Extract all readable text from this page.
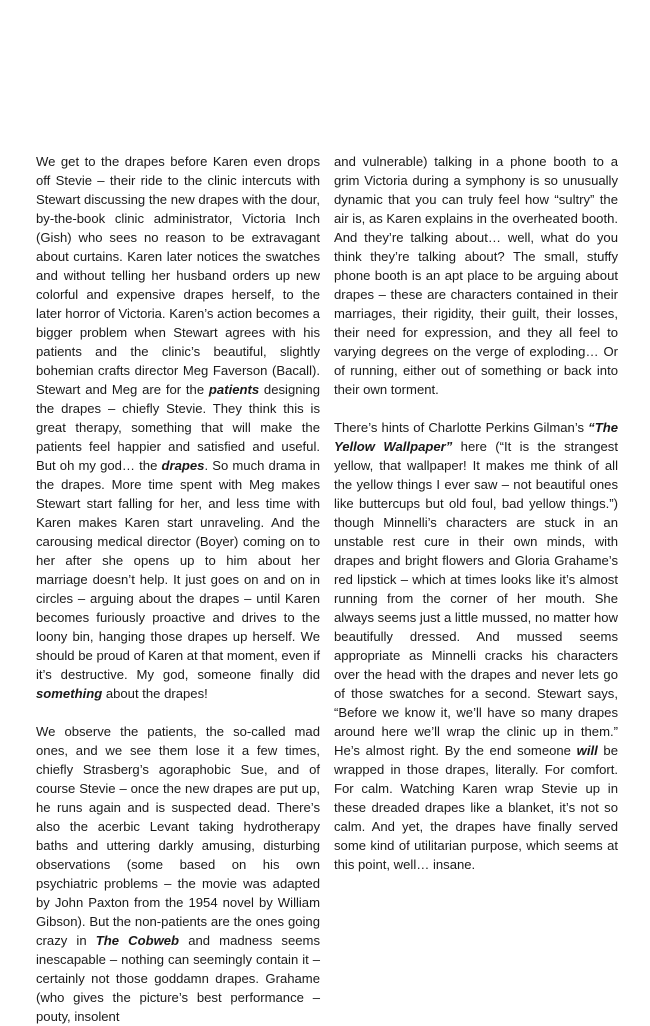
We get to the drapes before Karen even drops off Stevie – their ride to the clinic intercuts with Stewart discussing the new drapes with the dour, by-the-book clinic administrator, Victoria Inch (Gish) who sees no reason to be extravagant about curtains. Karen later notices the swatches and without telling her husband orders up new colorful and expensive drapes herself, to the later horror of Victoria. Karen’s action becomes a bigger problem when Stewart agrees with his patients and the clinic’s beautiful, slightly bohemian crafts director Meg Faverson (Bacall). Stewart and Meg are for the patients designing the drapes – chiefly Stevie. They think this is great therapy, something that will make the patients feel happier and satisfied and useful. But oh my god… the drapes. So much drama in the drapes. More time spent with Meg makes Stewart start falling for her, and less time with Karen makes Karen start unraveling. And the carousing medical director (Boyer) coming on to her after she opens up to him about her marriage doesn’t help. It just goes on and on in circles – arguing about the drapes – until Karen becomes furiously proactive and drives to the loony bin, hanging those drapes up herself. We should be proud of Karen at that moment, even if it’s destructive. My god, someone finally did something about the drapes!

We observe the patients, the so-called mad ones, and we see them lose it a few times, chiefly Strasberg’s agoraphobic Sue, and of course Stevie – once the new drapes are put up, he runs again and is suspected dead. There’s also the acerbic Levant taking hydrotherapy baths and uttering darkly amusing, disturbing observations (some based on his own psychiatric problems – the movie was adapted by John Paxton from the 1954 novel by William Gibson). But the non-patients are the ones going crazy in The Cobweb and madness seems inescapable – nothing can seemingly contain it – certainly not those goddamn drapes. Grahame (who gives the picture’s best performance – pouty, insolent

and vulnerable) talking in a phone booth to a grim Victoria during a symphony is so unusually dynamic that you can truly feel how “sultry” the air is, as Karen explains in the overheated booth. And they’re talking about… well, what do you think they’re talking about? The small, stuffy phone booth is an apt place to be arguing about drapes – these are characters contained in their marriages, their rigidity, their guilt, their losses, their need for expression, and they all feel to varying degrees on the verge of exploding… Or of running, either out of something or back into their own torment.

There’s hints of Charlotte Perkins Gilman’s “The Yellow Wallpaper” here (“It is the strangest yellow, that wallpaper! It makes me think of all the yellow things I ever saw – not beautiful ones like buttercups but old foul, bad yellow things.”) though Minnelli’s characters are stuck in an unstable rest cure in their own minds, with drapes and bright flowers and Gloria Grahame’s red lipstick – which at times looks like it’s almost running from the corner of her mouth. She always seems just a little mussed, no matter how beautifully dressed. And mussed seems appropriate as Minnelli cracks his characters over the head with the drapes and never lets go of those swatches for a second. Stewart says, “Before we know it, we’ll have so many drapes around here we’ll wrap the clinic up in them.” He’s almost right. By the end someone will be wrapped in those drapes, literally. For comfort. For calm. Watching Karen wrap Stevie up in these dreaded drapes like a blanket, it’s not so calm. And yet, the drapes have finally served some kind of utilitarian purpose, which seems at this point, well… insane.
